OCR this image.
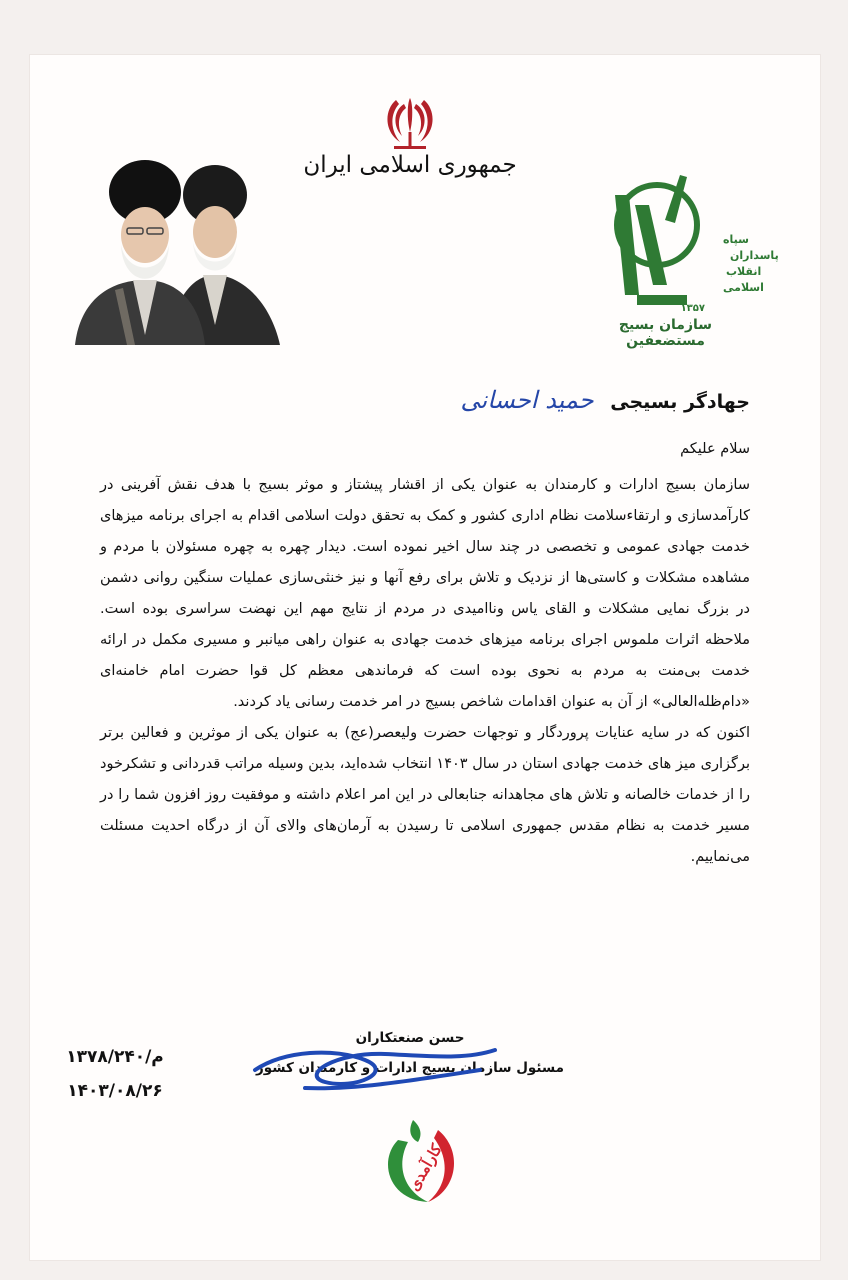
جمهوری اسلامی ایران
سپاه
پاسداران
انقلاب
اسلامی
۱۳۵۷
سازمان بسیج مستضعفین
جهادگر بسیجی حمید احسانی

سلام علیکم

سازمان بسیج ادارات و کارمندان به عنوان یکی از اقشار پیشتاز و موثر بسیج با هدف نقش آفرینی در کارآمدسازی و ارتقاءسلامت نظام اداری کشور و کمک به تحقق دولت اسلامی اقدام به اجرای برنامه میزهای خدمت جهادی عمومی و تخصصی در چند سال اخیر نموده است. دیدار چهره به چهره مسئولان با مردم و مشاهده مشکلات و کاستی‌ها از نزدیک و تلاش برای رفع آنها و نیز خنثی‌سازی عملیات سنگین روانی دشمن در بزرگ نمایی مشکلات و القای یاس وناامیدی در مردم از نتایج مهم این نهضت سراسری بوده است. ملاحظه اثرات ملموس اجرای برنامه میزهای خدمت جهادی به عنوان راهی میانبر و مسیری مکمل در ارائه خدمت بی‌منت به مردم به نحوی بوده است که فرماندهی معظم کل قوا حضرت امام خامنه‌ای «دام‌ظله‌العالی» از آن به عنوان اقدامات شاخص بسیج در امر خدمت رسانی یاد کردند.

اکنون که در سایه عنایات پروردگار و توجهات حضرت ولیعصر(عج) به عنوان یکی از موثرین و فعالین برتر برگزاری میز های خدمت جهادی استان در سال ۱۴۰۳ انتخاب شده‌اید، بدین وسیله مراتب قدردانی و تشکرخود را از خدمات خالصانه و تلاش های مجاهدانه جنابعالی در این امر اعلام داشته و موفقیت روز افزون شما را در مسیر خدمت به نظام مقدس جمهوری اسلامی تا رسیدن به آرمان‌های والای آن از درگاه احدیت مسئلت می‌نماییم.

حسن صنعتکاران
مسئول سازمان بسیج ادارات و کارمندان کشور
م/۱۳۷۸/۲۴۰
۱۴۰۳/۰۸/۲۶
کارآمدی
